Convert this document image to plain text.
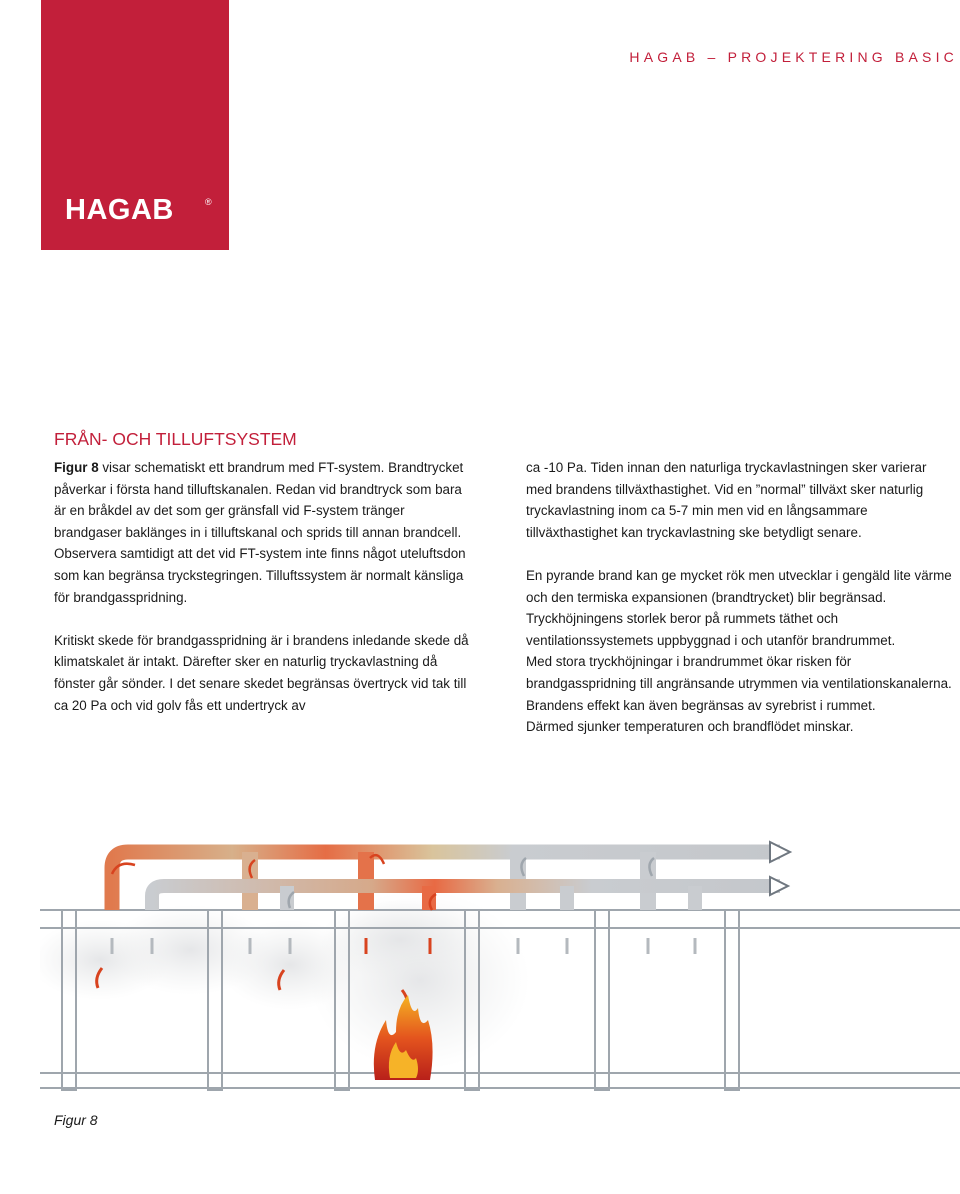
HAGAB	®
HAGAB – PROJEKTERING BASIC
FRÅN- OCH TILLUFTSYSTEM

Figur 8 visar schematiskt ett brandrum med FT-system. Brandtrycket påverkar i första hand tilluftskanalen. Redan vid brandtryck som bara är en bråkdel av det som ger gränsfall vid F-system tränger brandgaser baklänges in i tilluftskanal och sprids till annan brandcell. Observera samtidigt att det vid FT-system inte finns något uteluftsdon som kan begränsa tryckstegringen. Tilluftssystem är normalt känsliga för brandgasspridning.

Kritiskt skede för brandgasspridning är i brandens inledande skede då klimatskalet är intakt. Därefter sker en naturlig tryckavlastning då fönster går sönder. I det senare skedet begränsas övertryck vid tak till ca 20 Pa och vid golv fås ett undertryck av

ca -10 Pa. Tiden innan den naturliga tryckavlastningen sker varierar med brandens tillväxthastighet. Vid en ”normal” tillväxt sker naturlig tryckavlastning inom ca 5-7 min men vid en långsammare tillväxthastighet kan tryckavlastning ske betydligt senare.

En pyrande brand kan ge mycket rök men utvecklar i gengäld lite värme och den termiska expansionen (brandtrycket) blir begränsad. Tryckhöjningens storlek beror på rummets täthet och ventilationssystemets uppbyggnad i och utanför brandrummet.

Med stora tryckhöjningar i brandrummet ökar risken för brandgasspridning till angränsande utrymmen via ventilationskanalerna.

Brandens effekt kan även begränsas av syrebrist i rummet.

Därmed sjunker temperaturen och brandflödet minskar.

Figur 8
